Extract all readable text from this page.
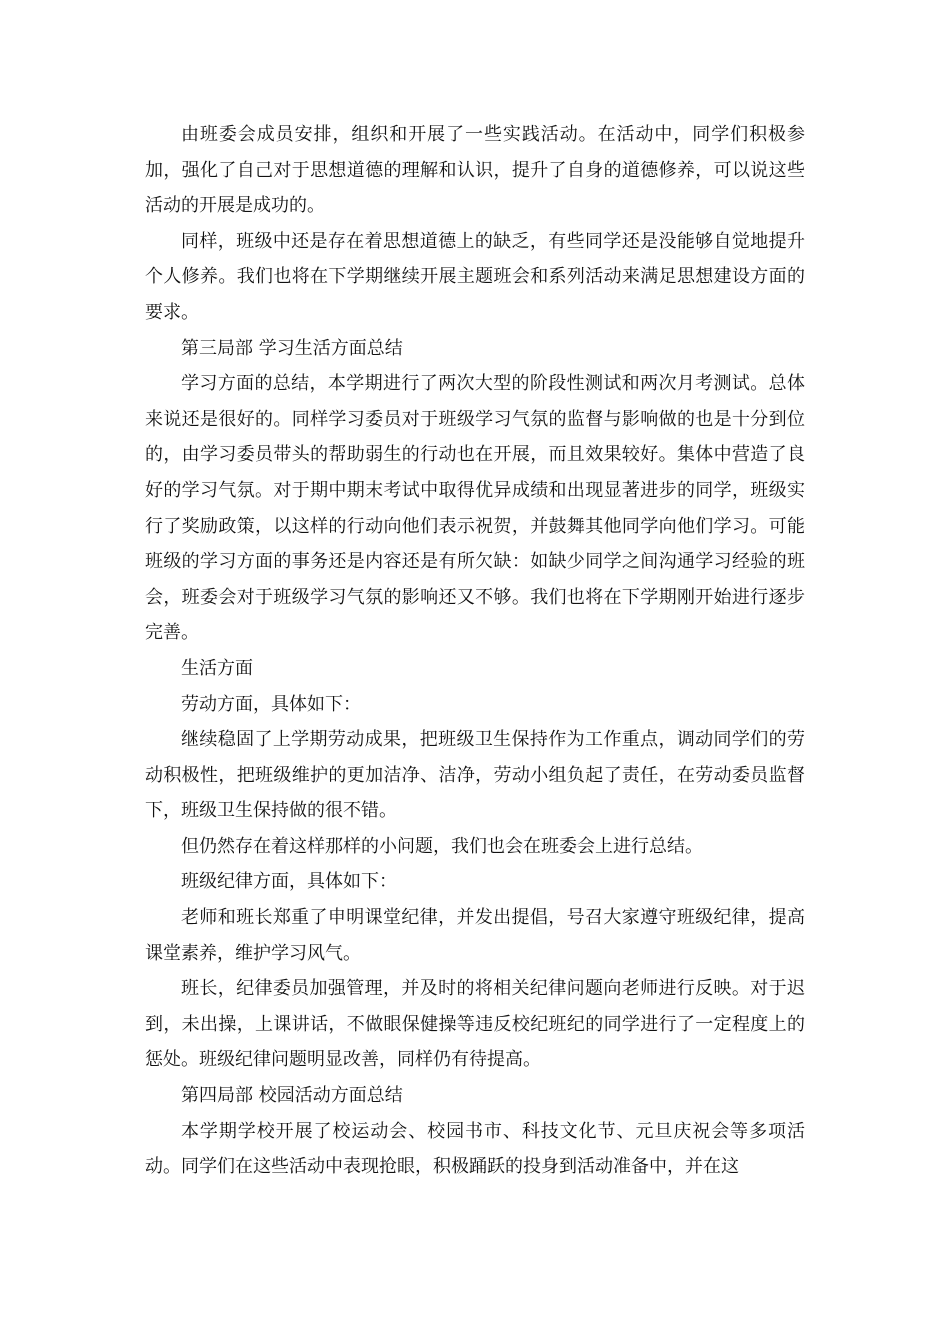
由班委会成员安排，组织和开展了一些实践活动。在活动中，同学们积极参加，强化了自己对于思想道德的理解和认识，提升了自身的道德修养，可以说这些活动的开展是成功的。

同样，班级中还是存在着思想道德上的缺乏，有些同学还是没能够自觉地提升个人修养。我们也将在下学期继续开展主题班会和系列活动来满足思想建设方面的要求。

第三局部 学习生活方面总结

学习方面的总结，本学期进行了两次大型的阶段性测试和两次月考测试。总体来说还是很好的。同样学习委员对于班级学习气氛的监督与影响做的也是十分到位的，由学习委员带头的帮助弱生的行动也在开展，而且效果较好。集体中营造了良好的学习气氛。对于期中期末考试中取得优异成绩和出现显著进步的同学，班级实行了奖励政策，以这样的行动向他们表示祝贺，并鼓舞其他同学向他们学习。可能班级的学习方面的事务还是内容还是有所欠缺：如缺少同学之间沟通学习经验的班会，班委会对于班级学习气氛的影响还又不够。我们也将在下学期刚开始进行逐步完善。

生活方面

劳动方面，具体如下：

继续稳固了上学期劳动成果，把班级卫生保持作为工作重点，调动同学们的劳动积极性，把班级维护的更加洁净、洁净，劳动小组负起了责任，在劳动委员监督下，班级卫生保持做的很不错。

但仍然存在着这样那样的小问题，我们也会在班委会上进行总结。

班级纪律方面，具体如下：

老师和班长郑重了申明课堂纪律，并发出提倡，号召大家遵守班级纪律，提高课堂素养，维护学习风气。

班长，纪律委员加强管理，并及时的将相关纪律问题向老师进行反映。对于迟到，未出操，上课讲话，不做眼保健操等违反校纪班纪的同学进行了一定程度上的惩处。班级纪律问题明显改善，同样仍有待提高。

第四局部 校园活动方面总结

本学期学校开展了校运动会、校园书市、科技文化节、元旦庆祝会等多项活动。同学们在这些活动中表现抢眼，积极踊跃的投身到活动准备中，并在这
